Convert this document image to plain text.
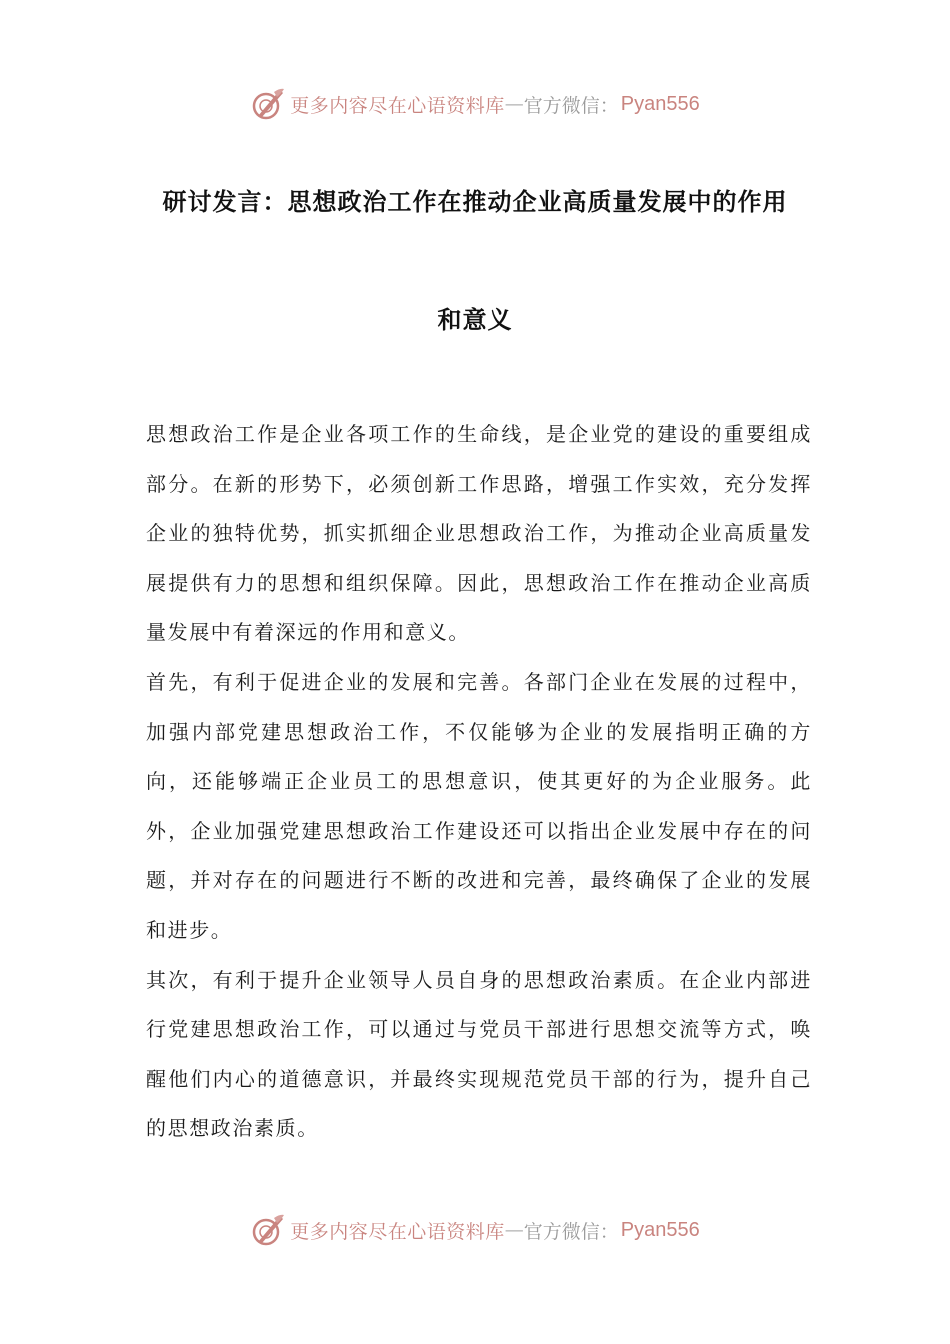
更多内容尽在心语资料库 — 官方微信： Pyan556
研讨发言：思想政治工作在推动企业高质量发展中的作用
和意义

思想政治工作是企业各项工作的生命线，是企业党的建设的重要组成部分。在新的形势下，必须创新工作思路，增强工作实效，充分发挥企业的独特优势，抓实抓细企业思想政治工作，为推动企业高质量发展提供有力的思想和组织保障。因此，思想政治工作在推动企业高质量发展中有着深远的作用和意义。

首先，有利于促进企业的发展和完善。各部门企业在发展的过程中，加强内部党建思想政治工作，不仅能够为企业的发展指明正确的方向，还能够端正企业员工的思想意识，使其更好的为企业服务。此外，企业加强党建思想政治工作建设还可以指出企业发展中存在的问题，并对存在的问题进行不断的改进和完善，最终确保了企业的发展和进步。

其次，有利于提升企业领导人员自身的思想政治素质。在企业内部进行党建思想政治工作，可以通过与党员干部进行思想交流等方式，唤醒他们内心的道德意识，并最终实现规范党员干部的行为，提升自己的思想政治素质。

更多内容尽在心语资料库 — 官方微信： Pyan556
